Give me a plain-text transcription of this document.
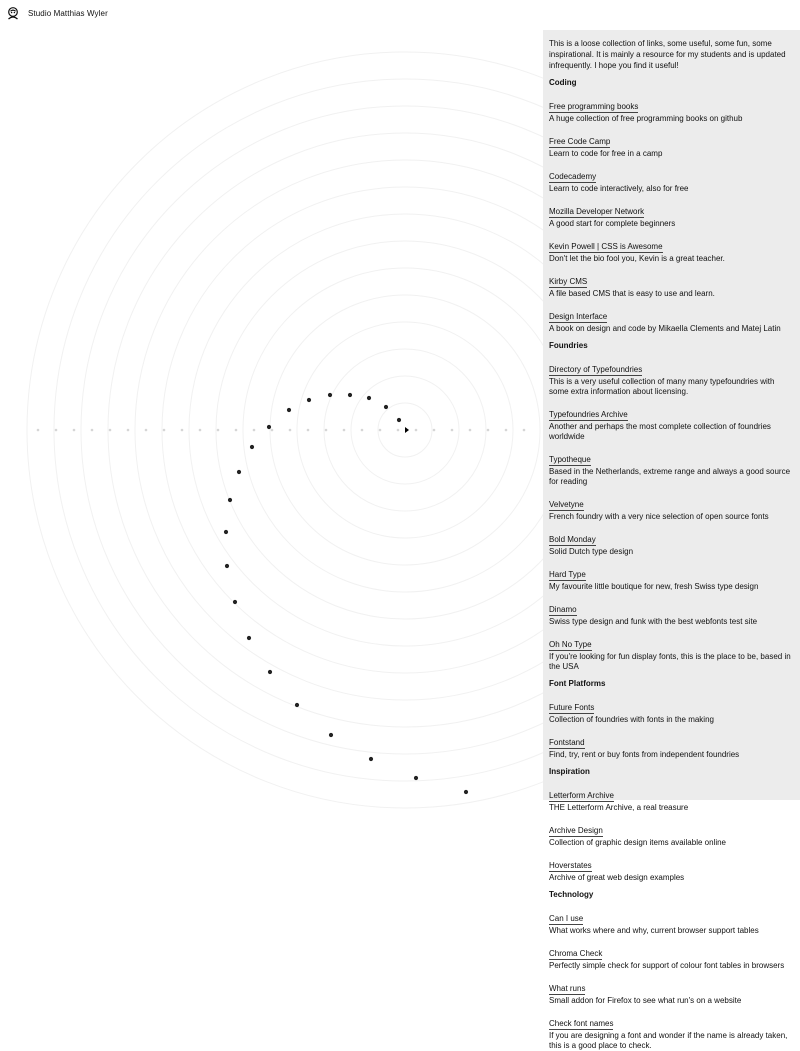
Studio Matthias Wyler

This is a loose collection of links, some useful, some fun, some inspirational. It is mainly a resource for my students and is updated infrequently. I hope you find it useful!

Coding
Free programming books
A huge collection of free programming books on github
Free Code Camp
Learn to code for free in a camp
Codecademy
Learn to code interactively, also for free
Mozilla Developer Network
A good start for complete beginners
Kevin Powell | CSS is Awesome
Don't let the bio fool you, Kevin is a great teacher.
Kirby CMS
A file based CMS that is easy to use and learn.
Design Interface
A book on design and code by Mikaella Clements and Matej Latin
Foundries
Directory of Typefoundries
This is a very useful collection of many many typefoundries with some extra information about licensing.
Typefoundries Archive
Another and perhaps the most complete collection of foundries worldwide
Typotheque
Based in the Netherlands, extreme range and always a good source for reading
Velvetyne
French foundry with a very nice selection of open source fonts
Bold Monday
Solid Dutch type design
Hard Type
My favourite little boutique for new, fresh Swiss type design
Dinamo
Swiss type design and funk with the best webfonts test site
Oh No Type
If you're looking for fun display fonts, this is the place to be, based in the USA
Font Platforms
Future Fonts
Collection of foundries with fonts in the making
Fontstand
Find, try, rent or buy fonts from independent foundries
Inspiration
Letterform Archive
THE Letterform Archive, a real treasure
Archive Design
Collection of graphic design items available online
Hoverstates
Archive of great web design examples
Technology
Can I use
What works where and why, current browser support tables
Chroma Check
Perfectly simple check for support of colour font tables in browsers
What runs
Small addon for Firefox to see what run's on a website
Check font names
If you are designing a font and wonder if the name is already taken, this is a good place to check.
